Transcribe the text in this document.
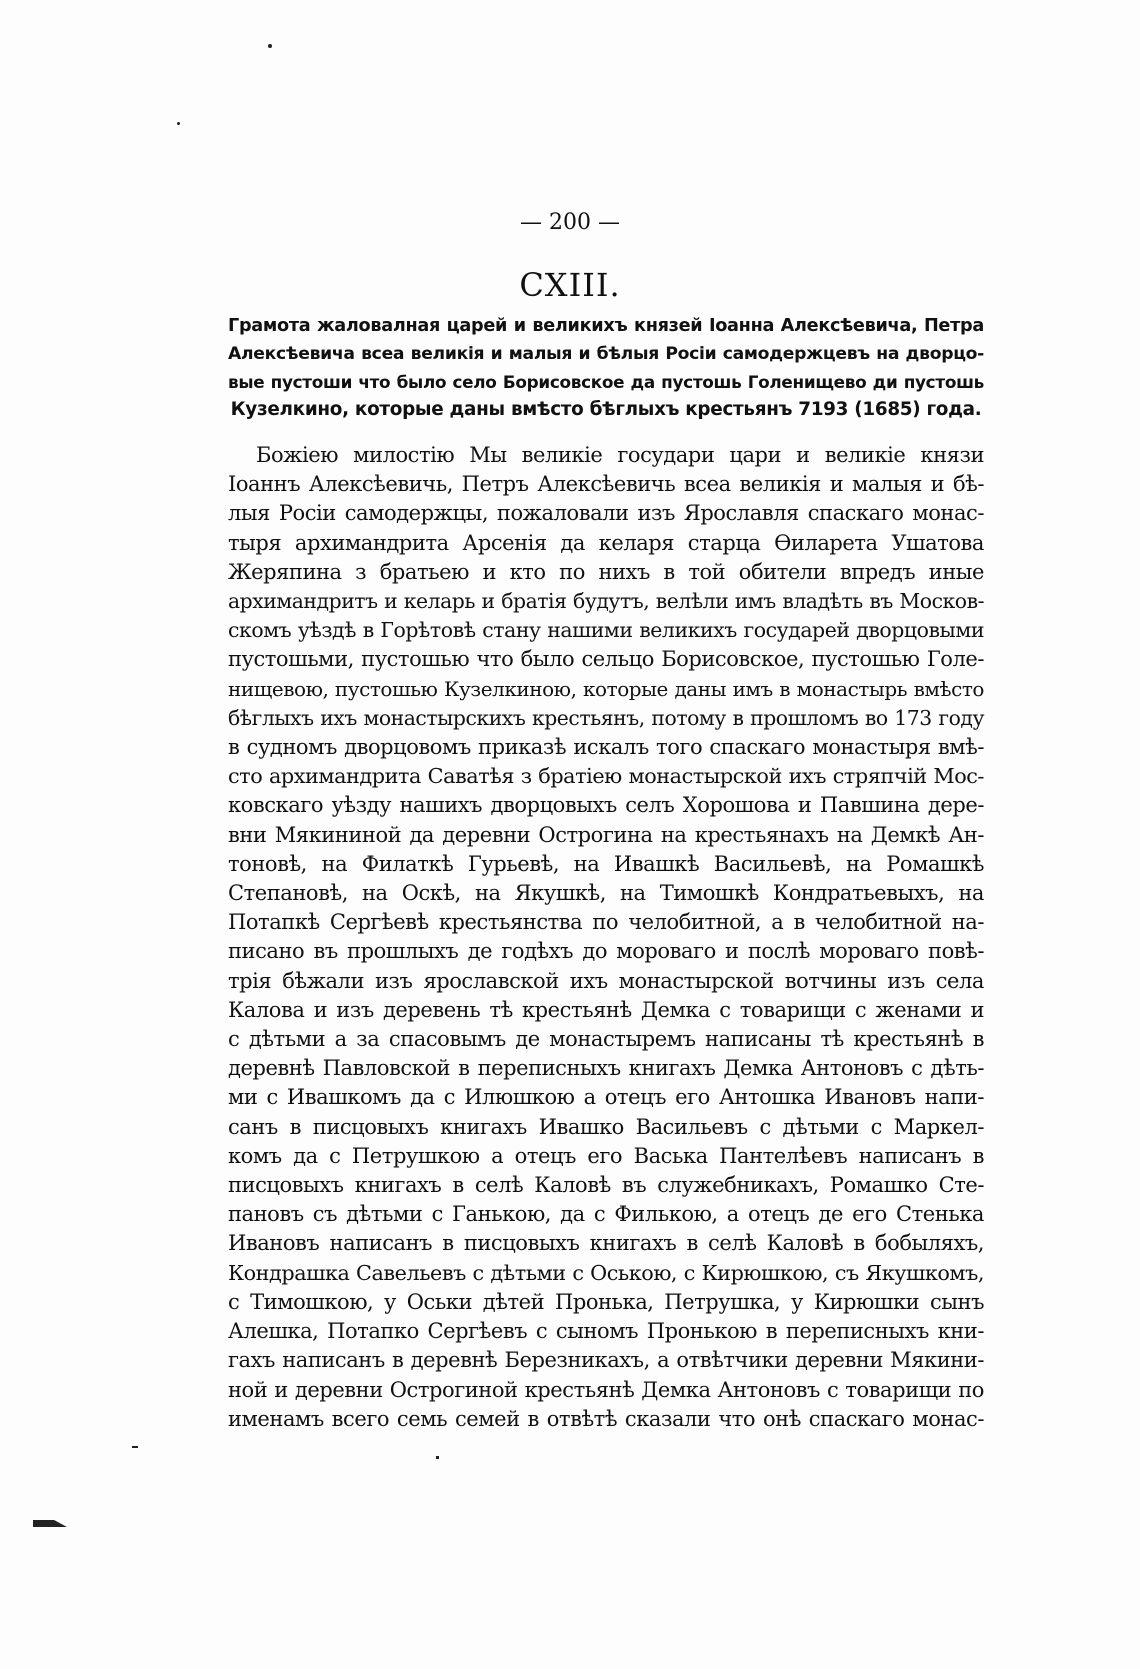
— 200 —
CXIII.
Грамота жаловалная царей и великихъ князей Іоанна Алексѣевича, Петра
Алексѣевича всеа великія и малыя и бѣлыя Росіи самодержцевъ на дворцо-
вые пустоши что было село Борисовское да пустошь Голенищево ди пустошь
Кузелкино, которые даны вмѣсто бѣглыхъ крестьянъ 7193 (1685) года.
Божіею милостію Мы великіе государи цари и великіе князи
Іоаннъ Алексѣевичь, Петръ Алексѣевичь всеа великія и малыя и бѣ-
лыя Росіи самодержцы, пожаловали изъ Ярославля спаскаго монас-
тыря архимандрита Арсенія да келаря старца Ѳиларета Ушатова
Жеряпина з братьею и кто по нихъ в той обители впредъ иные
архимандритъ и келарь и братія будутъ, велѣли имъ владѣть въ Москов-
скомъ уѣздѣ в Горѣтовѣ стану нашими великихъ государей дворцовыми
пустошьми, пустошью что было сельцо Борисовское, пустошью Голе-
нищевою, пустошью Кузелкиною, которые даны имъ в монастырь вмѣсто
бѣглыхъ ихъ монастырскихъ крестьянъ, потому в прошломъ во 173 году
в судномъ дворцовомъ приказѣ искалъ того спаскаго монастыря вмѣ-
сто архимандрита Саватѣя з братіею монастырской ихъ стряпчій Мос-
ковскаго уѣзду нашихъ дворцовыхъ селъ Хорошова и Павшина дере-
вни Мякининой да деревни Острогина на крестьянахъ на Демкѣ Ан-
тоновѣ, на Филаткѣ Гурьевѣ, на Ивашкѣ Васильевѣ, на Ромашкѣ
Степановѣ, на Оскѣ, на Якушкѣ, на Тимошкѣ Кондратьевыхъ, на
Потапкѣ Сергѣевѣ крестьянства по челобитной, а в челобитной на-
писано въ прошлыхъ де годѣхъ до мороваго и послѣ мороваго повѣ-
трія бѣжали изъ ярославской ихъ монастырской вотчины изъ села
Калова и изъ деревень тѣ крестьянѣ Демка с товарищи с женами и
с дѣтьми а за спасовымъ де монастыремъ написаны тѣ крестьянѣ в
деревнѣ Павловской в переписныхъ книгахъ Демка Антоновъ с дѣть-
ми с Ивашкомъ да с Илюшкою а отецъ его Антошка Ивановъ напи-
санъ в писцовыхъ книгахъ Ивашко Васильевъ с дѣтьми с Маркел-
комъ да с Петрушкою а отецъ его Васька Пантелѣевъ написанъ в
писцовыхъ книгахъ в селѣ Каловѣ въ служебникахъ, Ромашко Сте-
пановъ съ дѣтьми с Ганькою, да с Филькою, а отецъ де его Стенька
Ивановъ написанъ в писцовыхъ книгахъ в селѣ Каловѣ в бобыляхъ,
Кондрашка Савельевъ с дѣтьми с Оською, с Кирюшкою, съ Якушкомъ,
с Тимошкою, у Оськи дѣтей Пронька, Петрушка, у Кирюшки сынъ
Алешка, Потапко Сергѣевъ с сыномъ Пронькою в переписныхъ кни-
гахъ написанъ в деревнѣ Березникахъ, а отвѣтчики деревни Мякини-
ной и деревни Острогиной крестьянѣ Демка Антоновъ с товарищи по
именамъ всего семь семей в отвѣтѣ сказали что онѣ спаскаго монас-
